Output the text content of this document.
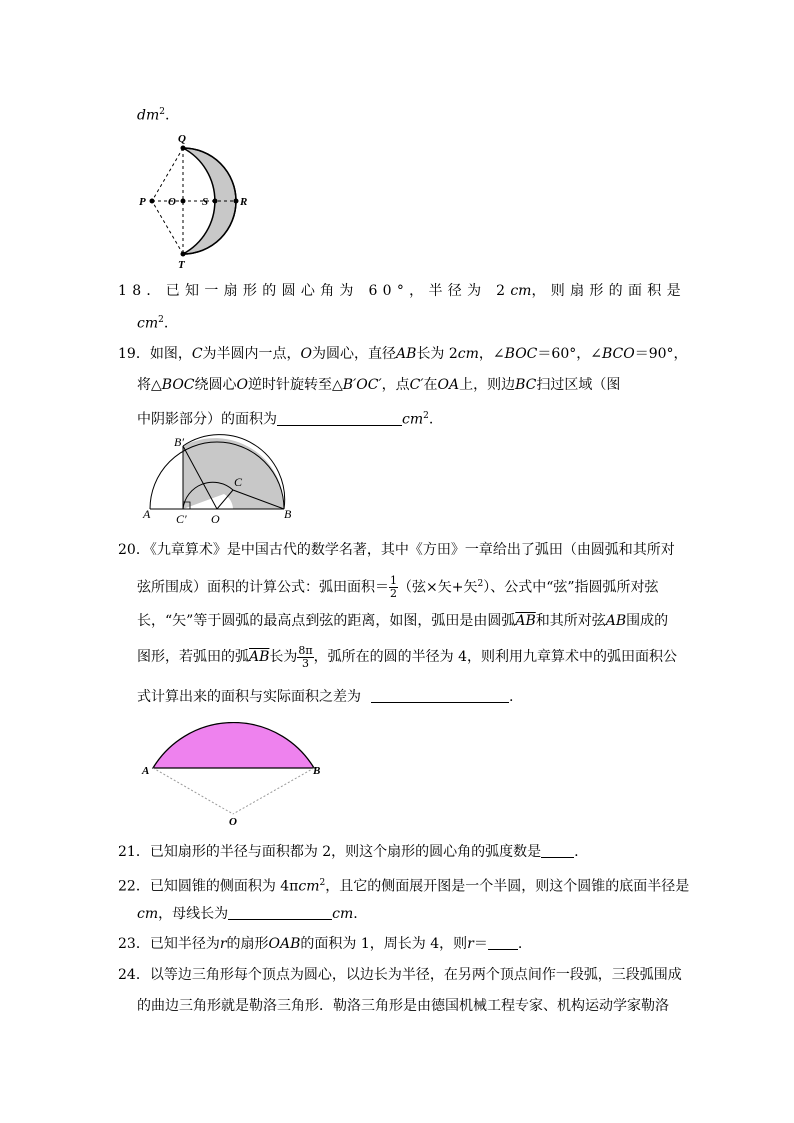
$dm^2$.
Q
P O S	R
T
18．已知一扇形的圆心角为 60°，半径为 2cm，则扇形的面积是
$cm^2$.
19．如图，C为半圆内一点，O为圆心，直径AB长为 2cm，∠BOC＝60°，∠BCO＝90°，
将△BOC绕圆心O逆时针旋转至△B′OC′，点C′在OA上，则边BC扫过区域（图
中阴影部分）的面积为	$cm^2$.
B′
C
A C′ O	B
20．《九章算术》是中国古代的数学名著，其中《方田》一章给出了弧田（由圆弧和其所对
弦所围成）面积的计算公式：弧田面积＝ $\frac{1}{2}$ （弦×矢+矢$^2$）、公式中“弦”指圆弧所对弦
长，“矢”等于圆弧的最高点到弦的距离，如图，弧田是由圆弧$\overline{AB}$和其所对弦AB围成的
图形，若弧田的弧$\overline{AB}$长为 $\frac{8\pi}{3}$ ，弧所在的圆的半径为 4，则利用九章算术中的弧田面积公
式计算出来的面积与实际面积之差为	.
A	B
O
21．已知扇形的半径与面积都为 2，则这个扇形的圆心角的弧度数是 .
22．已知圆锥的侧面积为 4πcm$^2$，且它的侧面展开图是一个半圆，则这个圆锥的底面半径是
cm，母线长为	cm.
23．已知半径为r的扇形OAB的面积为 1，周长为 4，则r＝ .
24．以等边三角形每个顶点为圆心，以边长为半径，在另两个顶点间作一段弧，三段弧围成
的曲边三角形就是勒洛三角形．勒洛三角形是由德国机械工程专家、机构运动学家勒洛
